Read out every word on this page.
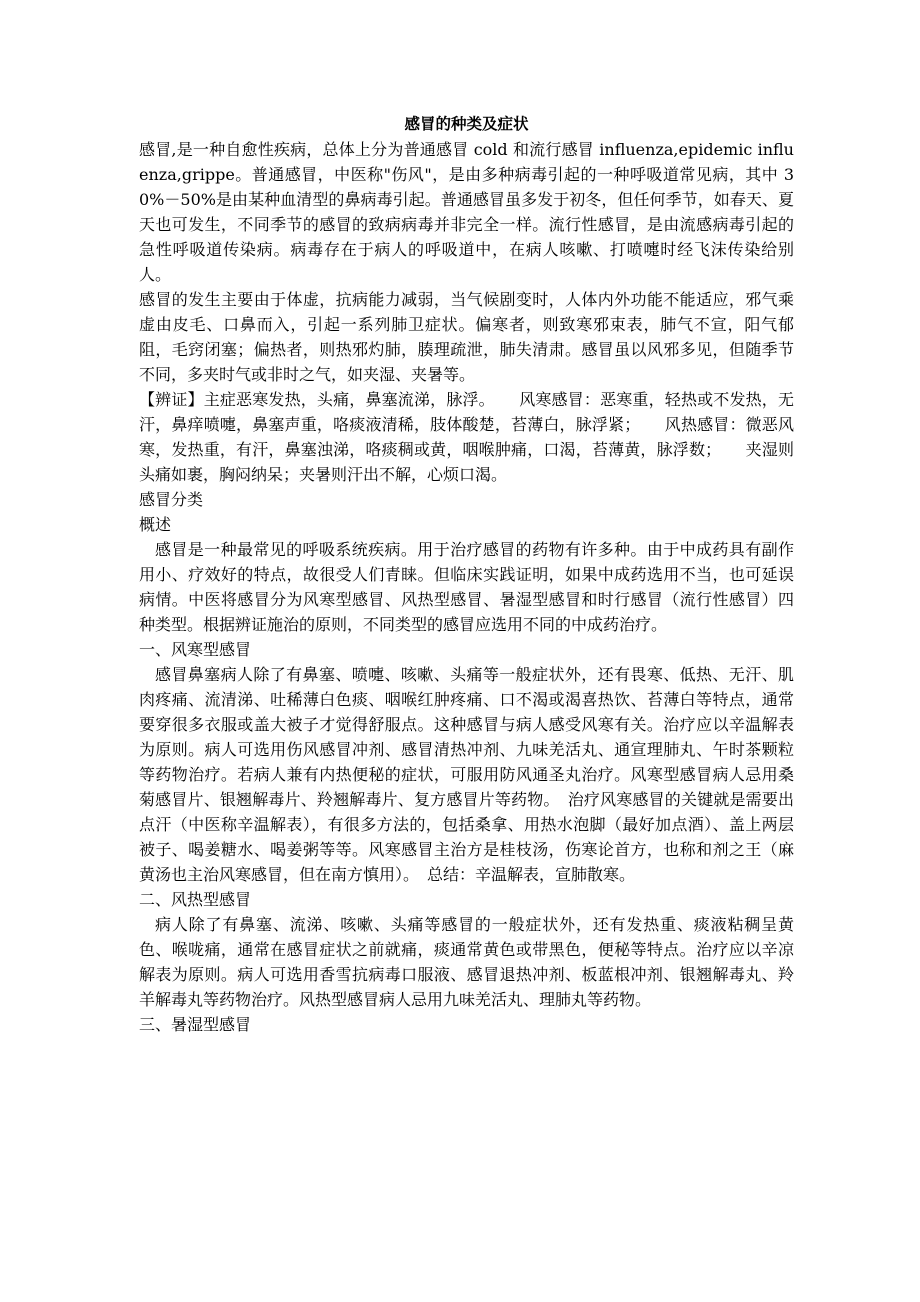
感冒的种类及症状

感冒,是一种自愈性疾病，总体上分为普通感冒 cold 和流行感冒 influenza,epidemic influenza,grippe。普通感冒，中医称"伤风"，是由多种病毒引起的一种呼吸道常见病，其中 30%－50%是由某种血清型的鼻病毒引起。普通感冒虽多发于初冬，但任何季节，如春天、夏天也可发生，不同季节的感冒的致病病毒并非完全一样。流行性感冒，是由流感病毒引起的急性呼吸道传染病。病毒存在于病人的呼吸道中，在病人咳嗽、打喷嚏时经飞沫传染给别人。

感冒的发生主要由于体虚，抗病能力减弱，当气候剧变时，人体内外功能不能适应，邪气乘虚由皮毛、口鼻而入，引起一系列肺卫症状。偏寒者，则致寒邪束表，肺气不宣，阳气郁阻，毛窍闭塞；偏热者，则热邪灼肺，腠理疏泄，肺失清肃。感冒虽以风邪多见，但随季节不同，多夹时气或非时之气，如夹湿、夹暑等。

【辨证】主症恶寒发热，头痛，鼻塞流涕，脉浮。　　风寒感冒：恶寒重，轻热或不发热，无汗，鼻痒喷嚏，鼻塞声重，咯痰液清稀，肢体酸楚，苔薄白，脉浮紧；　　风热感冒：微恶风寒，发热重，有汗，鼻塞浊涕，咯痰稠或黄，咽喉肿痛，口渴，苔薄黄，脉浮数；　　夹湿则头痛如裹，胸闷纳呆；夹暑则汗出不解，心烦口渴。

感冒分类

概述

感冒是一种最常见的呼吸系统疾病。用于治疗感冒的药物有许多种。由于中成药具有副作用小、疗效好的特点，故很受人们青睐。但临床实践证明，如果中成药选用不当，也可延误病情。中医将感冒分为风寒型感冒、风热型感冒、暑湿型感冒和时行感冒（流行性感冒）四种类型。根据辨证施治的原则，不同类型的感冒应选用不同的中成药治疗。

一、风寒型感冒

感冒鼻塞病人除了有鼻塞、喷嚏、咳嗽、头痛等一般症状外，还有畏寒、低热、无汗、肌肉疼痛、流清涕、吐稀薄白色痰、咽喉红肿疼痛、口不渴或渴喜热饮、苔薄白等特点，通常要穿很多衣服或盖大被子才觉得舒服点。这种感冒与病人感受风寒有关。治疗应以辛温解表为原则。病人可选用伤风感冒冲剂、感冒清热冲剂、九味羌活丸、通宣理肺丸、午时茶颗粒等药物治疗。若病人兼有内热便秘的症状，可服用防风通圣丸治疗。风寒型感冒病人忌用桑菊感冒片、银翘解毒片、羚翘解毒片、复方感冒片等药物。　治疗风寒感冒的关键就是需要出点汗（中医称辛温解表），有很多方法的，包括桑拿、用热水泡脚（最好加点酒）、盖上两层被子、喝姜糖水、喝姜粥等等。风寒感冒主治方是桂枝汤，伤寒论首方，也称和剂之王（麻黄汤也主治风寒感冒，但在南方慎用）。　总结：辛温解表，宣肺散寒。

二、风热型感冒

病人除了有鼻塞、流涕、咳嗽、头痛等感冒的一般症状外，还有发热重、痰液粘稠呈黄色、喉咙痛，通常在感冒症状之前就痛，痰通常黄色或带黑色，便秘等特点。治疗应以辛凉解表为原则。病人可选用香雪抗病毒口服液、感冒退热冲剂、板蓝根冲剂、银翘解毒丸、羚羊解毒丸等药物治疗。风热型感冒病人忌用九味羌活丸、理肺丸等药物。

三、暑湿型感冒
